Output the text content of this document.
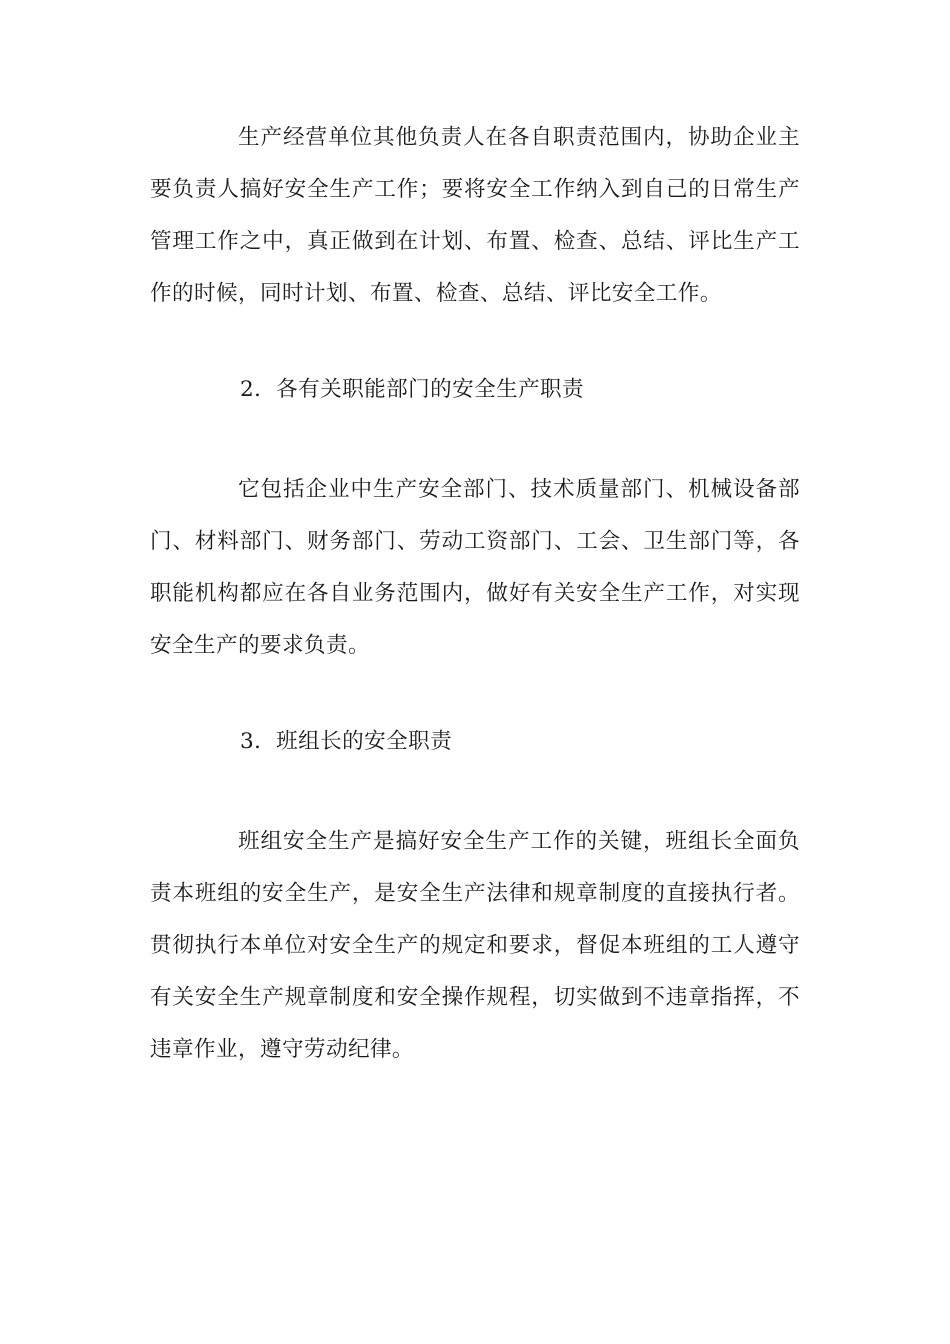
生产经营单位其他负责人在各自职责范围内，协助企业主要负责人搞好安全生产工作；要将安全工作纳入到自己的日常生产管理工作之中，真正做到在计划、布置、检查、总结、评比生产工作的时候，同时计划、布置、检查、总结、评比安全工作。

2．各有关职能部门的安全生产职责

它包括企业中生产安全部门、技术质量部门、机械设备部门、材料部门、财务部门、劳动工资部门、工会、卫生部门等，各职能机构都应在各自业务范围内，做好有关安全生产工作，对实现安全生产的要求负责。

3．班组长的安全职责

班组安全生产是搞好安全生产工作的关键，班组长全面负责本班组的安全生产，是安全生产法律和规章制度的直接执行者。贯彻执行本单位对安全生产的规定和要求，督促本班组的工人遵守有关安全生产规章制度和安全操作规程，切实做到不违章指挥，不违章作业，遵守劳动纪律。
